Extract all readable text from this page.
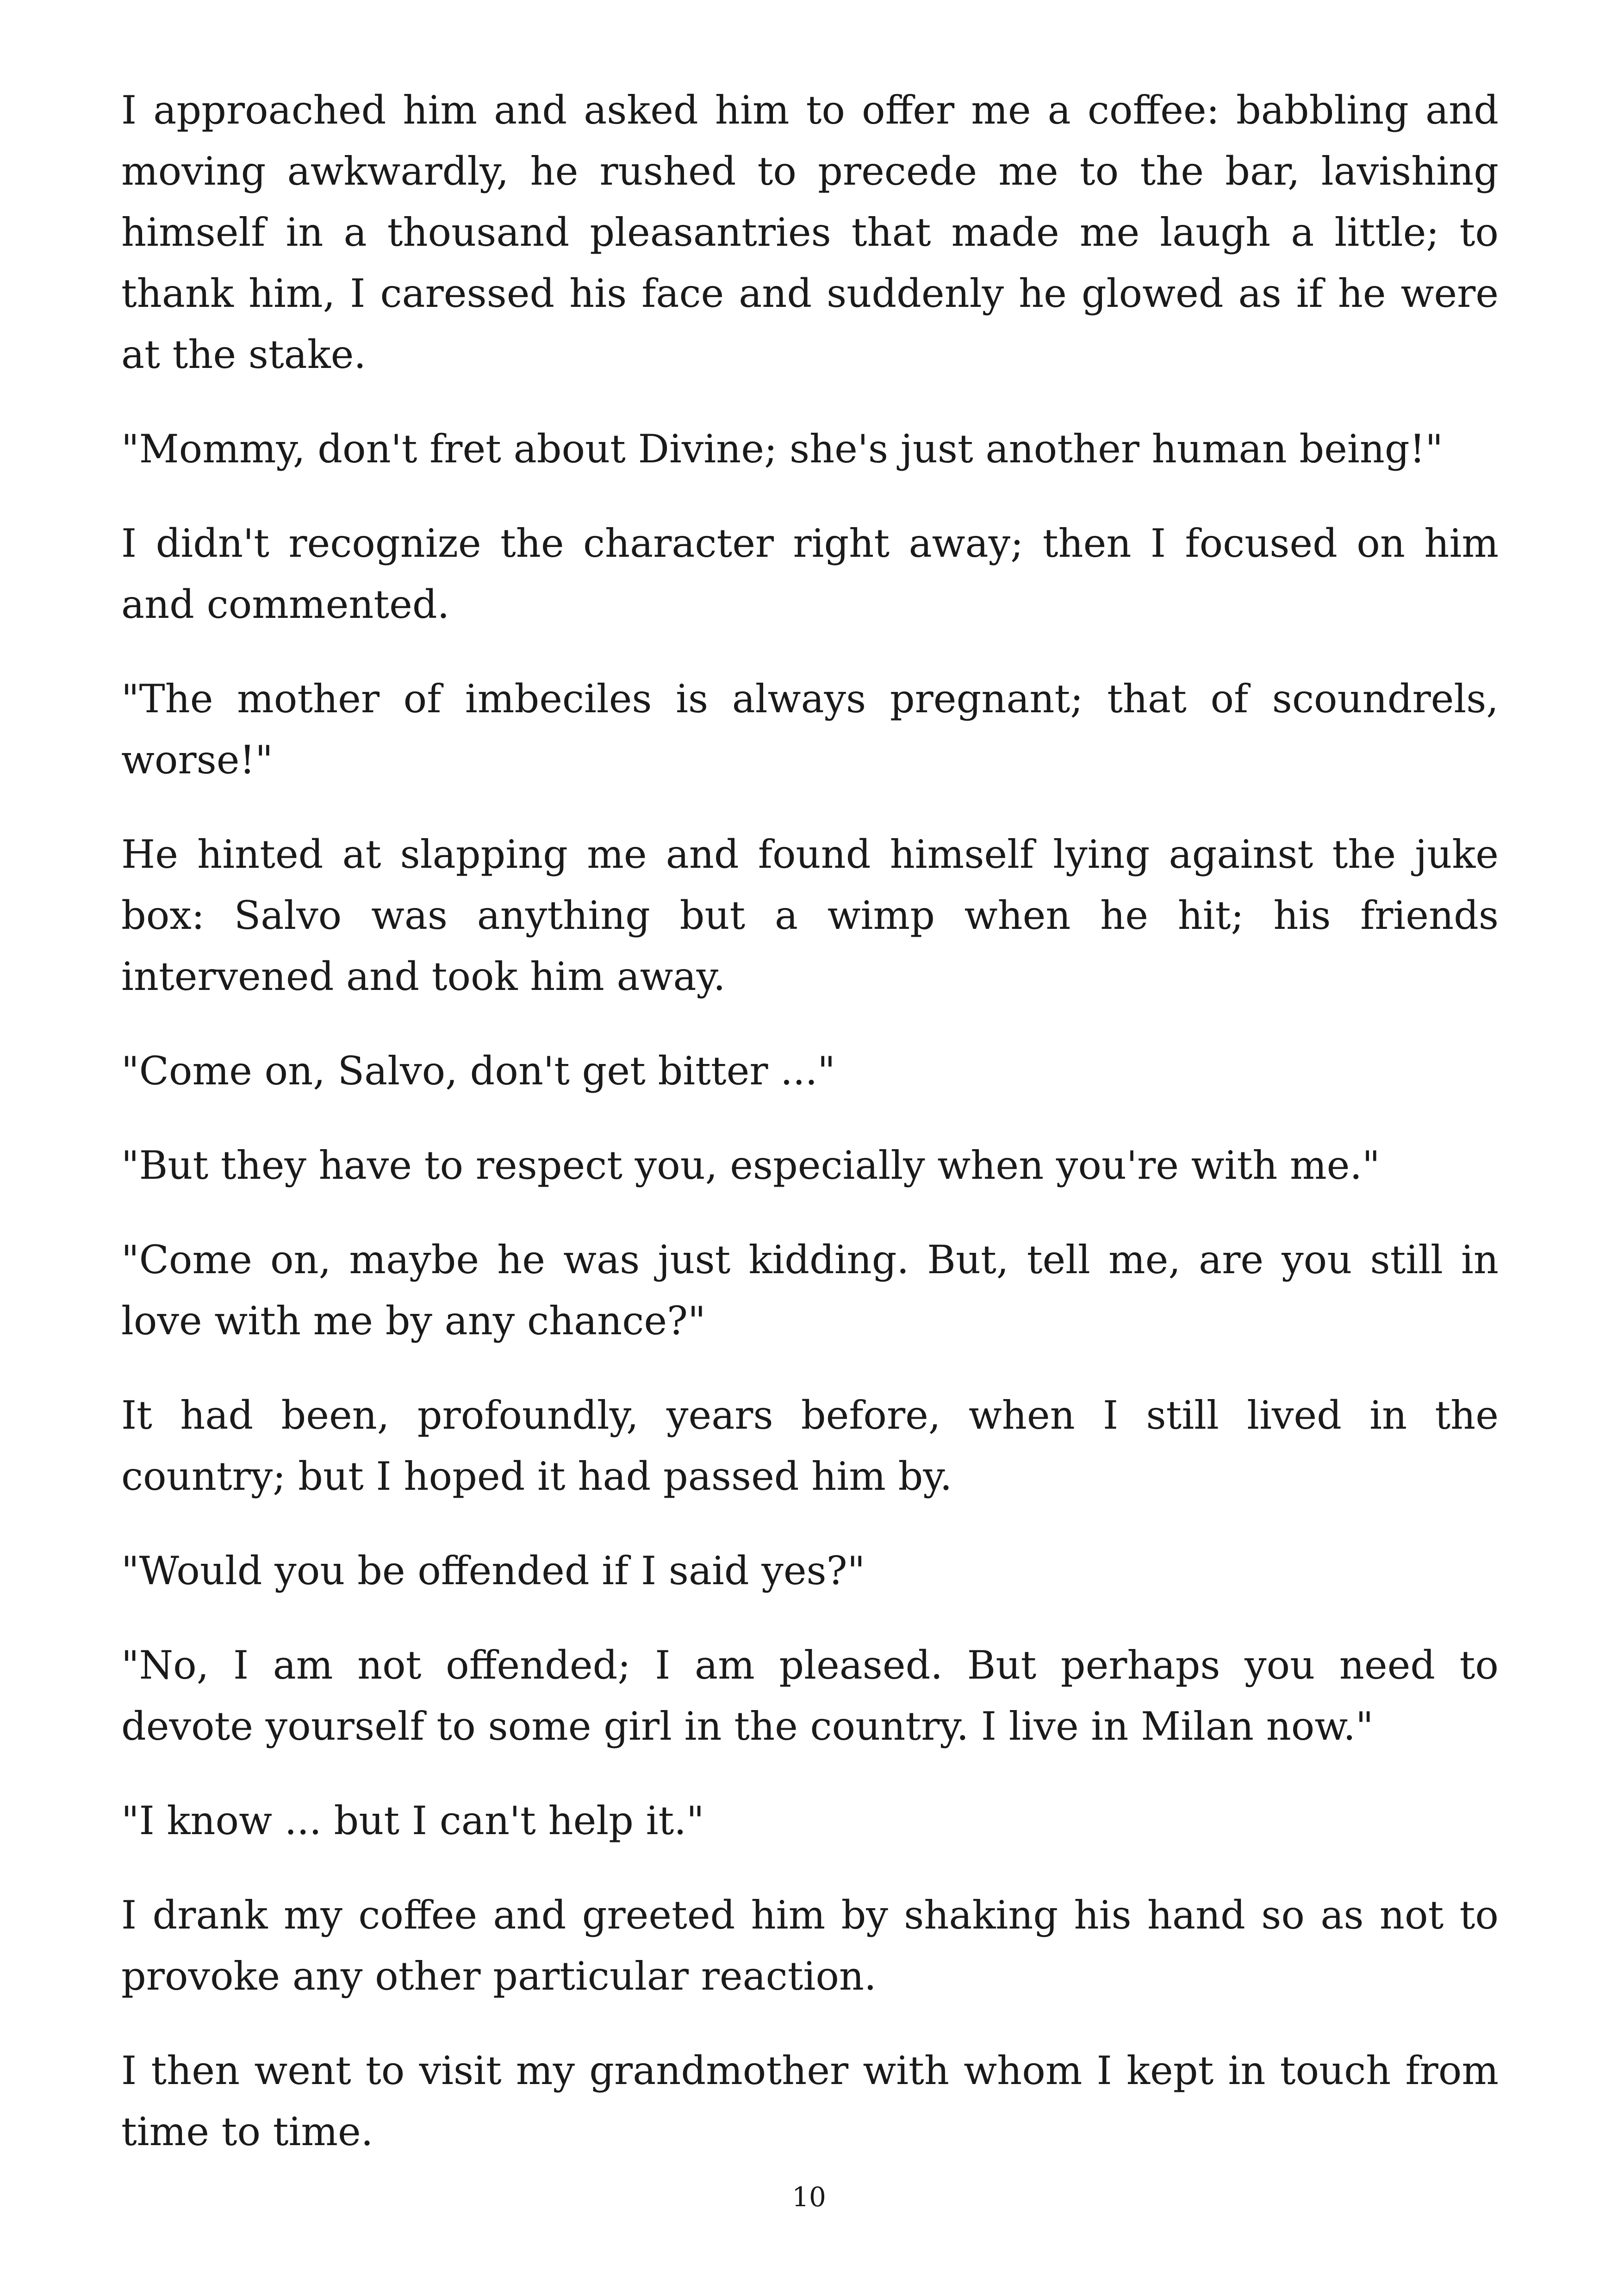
I approached him and asked him to offer me a coffee: babbling and moving awkwardly, he rushed to precede me to the bar, lavishing himself in a thousand pleasantries that made me laugh a little; to thank him, I caressed his face and suddenly he glowed as if he were at the stake.

"Mommy, don't fret about Divine; she's just another human being!"

I didn't recognize the character right away; then I focused on him and commented.

"The mother of imbeciles is always pregnant; that of scoundrels, worse!"

He hinted at slapping me and found himself lying against the juke box: Salvo was anything but a wimp when he hit; his friends intervened and took him away.

"Come on, Salvo, don't get bitter ..."

"But they have to respect you, especially when you're with me."

"Come on, maybe he was just kidding. But, tell me, are you still in love with me by any chance?"

It had been, profoundly, years before, when I still lived in the country; but I hoped it had passed him by.

"Would you be offended if I said yes?"

"No, I am not offended; I am pleased. But perhaps you need to devote yourself to some girl in the country. I live in Milan now."

"I know ... but I can't help it."

I drank my coffee and greeted him by shaking his hand so as not to provoke any other particular reaction.

I then went to visit my grandmother with whom I kept in touch from time to time.

10
